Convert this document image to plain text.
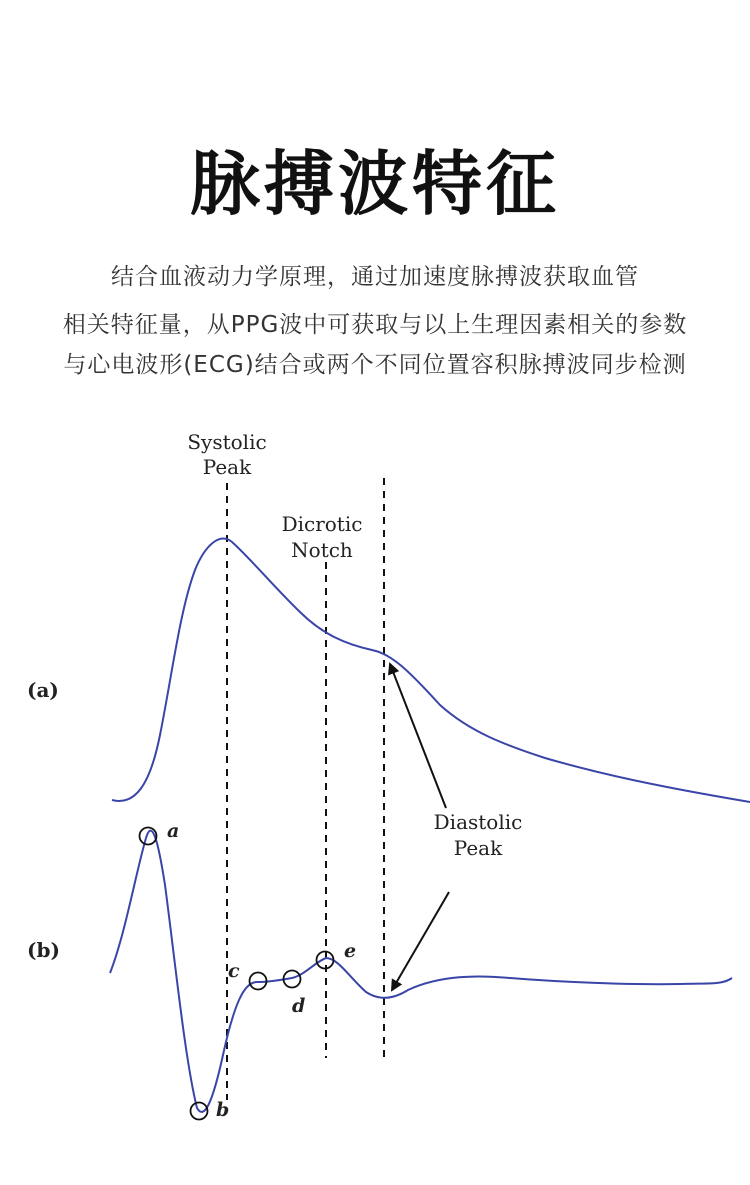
脉搏波特征

结合血液动力学原理，通过加速度脉搏波获取血管

相关特征量，从PPG波中可获取与以上生理因素相关的参数

与心电波形(ECG)结合或两个不同位置容积脉搏波同步检测

Systolic
Peak
Dicrotic
Notch
Diastolic
Peak
(a)
(b)
a
b
c
d
e
